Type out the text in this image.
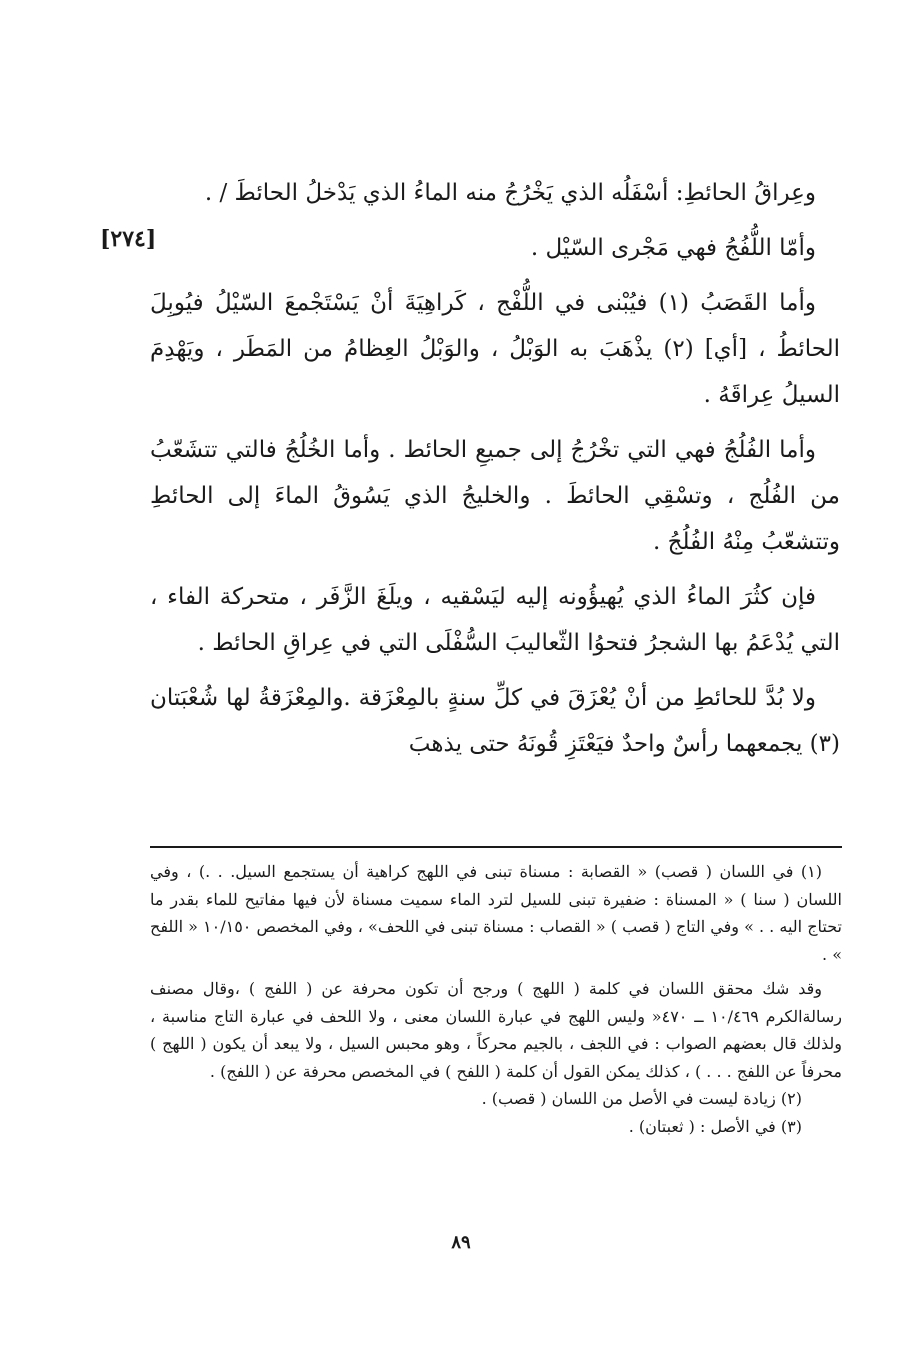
[٢٧٤]

وعِراقُ الحائطِ: أسْفَلُه الذي يَخْرُجُ منه الماءُ الذي يَدْخلُ الحائطَ / .

وأمّا اللُّفُجُ فهي مَجْرى السّيْل .

وأما القَصَبُ (١) فيُبْنى في اللُّفْج ، كَراهِيَةَ أنْ يَسْتَجْمعَ السّيْلُ فيُوبِلَ الحائطُ ، [أي] (٢) يذْهَبَ به الوَبْلُ ، والوَبْلُ العِظامُ من المَطَر ، ويَهْدِمَ السيلُ عِراقَهُ .

وأما الفُلُجُ فهي التي تخْرُجُ إلى جميعِ الحائط . وأما الخُلُجُ فالتي تتشَعّبُ من الفُلُج ، وتسْقِي الحائطَ . والخليجُ الذي يَسُوقُ الماءَ إلى الحائطِ وتتشعّبُ مِنْهُ الفُلُجُ .

فإن كثُرَ الماءُ الذي يُهيؤُونه إليه ليَسْقيه ، ويلَغَ الزَّفَر ، متحركة الفاء ، التي يُدْعَمُ بها الشجرُ فتحوُا الثّعاليبَ السُّفْلَى التي في عِراقِ الحائط .

ولا بُدَّ للحائطِ من أنْ يُعْزَقَ في كلِّ سنةٍ بالمِعْزَقة .والمِعْزَقةُ لها شُعْبَتان (٣) يجمعهما رأسٌ واحدٌ فيَعْتَزِ قُونَهُ حتى يذهبَ

(١) في اللسان ( قصب) « القصابة : مسناة تبنى في اللهج كراهية أن يستجمع السيل. . .) ، وفي اللسان ( سنا ) « المسناة : ضفيرة تبنى للسيل لترد الماء سميت مسناة لأن فيها مفاتيح للماء بقدر ما تحتاج اليه . . » وفي التاج ( قصب ) « القصاب : مسناة تبنى في اللحف» ، وفي المخصص ١٠/١٥٠ « اللفح » .

وقد شك محقق اللسان في كلمة ( اللهج ) ورجح أن تكون محرفة عن ( اللفج ) ،وقال مصنف رسالةالكرم ١٠/٤٦٩ ــ ٤٧٠« وليس اللهج في عبارة اللسان معنى ، ولا اللحف في عبارة التاج مناسبة ، ولذلك قال بعضهم الصواب : في اللجف ، بالجيم محركاً ، وهو محبس السيل ، ولا يبعد أن يكون ( اللهج ) محرفاً عن اللفج . . . ) ، كذلك يمكن القول أن كلمة ( اللفح ) في المخصص محرفة عن ( اللفج) .

(٢) زيادة ليست في الأصل من اللسان ( قصب) .

(٣) في الأصل : ( ثعبتان) .

٨٩
